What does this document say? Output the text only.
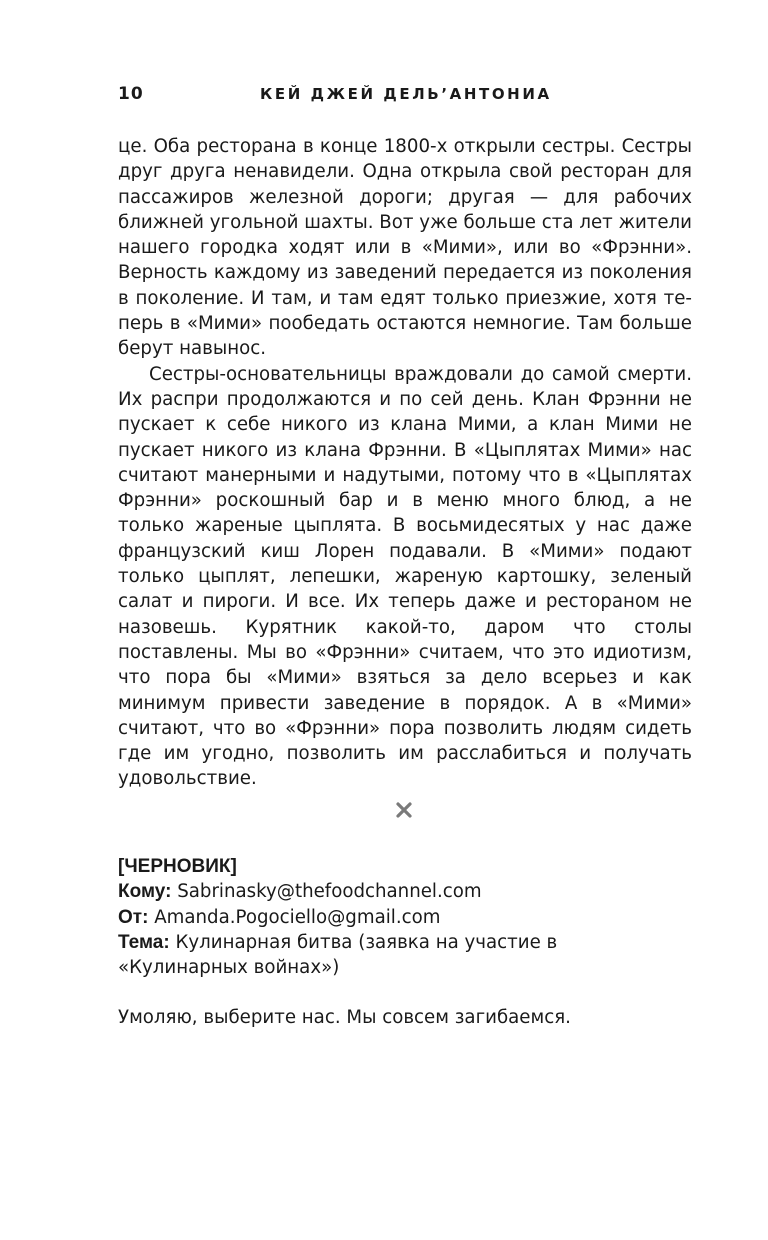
10	КЕЙ ДЖЕЙ ДЕЛЬ’АНТОНИА

це. Оба ресторана в конце 1800-х открыли сестры. Сестры друг друга ненавидели. Одна открыла свой ресторан для пассажиров железной дороги; другая — для рабочих ближней угольной шахты. Вот уже больше ста лет жители нашего городка ходят или в «Мими», или во «Фрэнни». Верность каждому из заведений передается из поколения в поколение. И там, и там едят только приезжие, хотя теперь в «Мими» пообедать остаются немногие. Там больше берут навынос.

Сестры-основательницы враждовали до самой смерти. Их распри продолжаются и по сей день. Клан Фрэнни не пускает к себе никого из клана Мими, а клан Мими не пускает никого из клана Фрэнни. В «Цыплятах Мими» нас считают манерными и надутыми, потому что в «Цыплятах Фрэнни» роскошный бар и в меню много блюд, а не только жареные цыплята. В восьмидесятых у нас даже французский киш Лорен подавали. В «Мими» подают только цыплят, лепешки, жареную картошку, зеленый салат и пироги. И все. Их теперь даже и рестораном не назовешь. Курятник какой-то, даром что столы поставлены. Мы во «Фрэнни» считаем, что это идиотизм, что пора бы «Мими» взяться за дело всерьез и как минимум привести заведение в порядок. А в «Мими» считают, что во «Фрэнни» пора позволить людям сидеть где им угодно, позволить им расслабиться и получать удовольствие.

[ЧЕРНОВИК]

Кому: Sabrinasky@thefoodchannel.com

От: Amanda.Pogociello@gmail.com

Тема: Кулинарная битва (заявка на участие в «Кулинарных войнах»)

Умоляю, выберите нас. Мы совсем загибаемся.
